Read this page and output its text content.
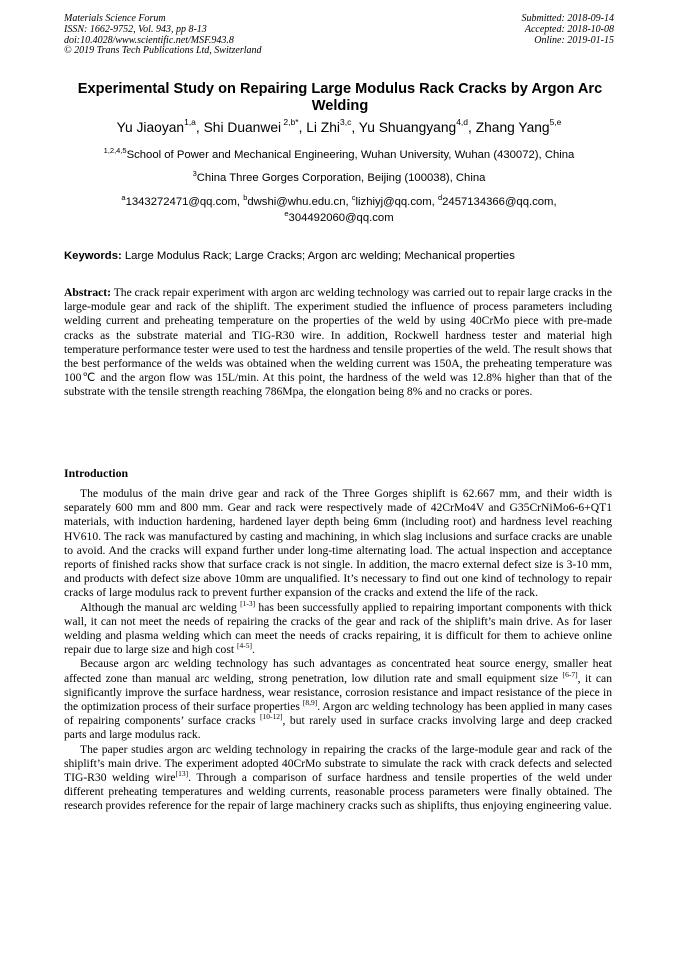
Materials Science Forum
ISSN: 1662-9752, Vol. 943, pp 8-13
doi:10.4028/www.scientific.net/MSF.943.8
© 2019 Trans Tech Publications Ltd, Switzerland
Submitted: 2018-09-14
Accepted: 2018-10-08
Online: 2019-01-15
Experimental Study on Repairing Large Modulus Rack Cracks by Argon Arc Welding
Yu Jiaoyan$^{1,a}$, Shi Duanwei $^{2,b*}$, Li Zhi$^{3,c}$, Yu Shuangyang$^{4,d}$, Zhang Yang$^{5,e}$
$^{1,2,4,5}$School of Power and Mechanical Engineering, Wuhan University, Wuhan (430072), China
$^3$China Three Gorges Corporation, Beijing (100038), China
$^a$1343272471@qq.com, $^b$dwshi@whu.edu.cn, $^c$lizhiyj@qq.com, $^d$2457134366@qq.com,
$^e$304492060@qq.com
Keywords: Large Modulus Rack; Large Cracks; Argon arc welding; Mechanical properties
Abstract: The crack repair experiment with argon arc welding technology was carried out to repair large cracks in the large-module gear and rack of the shiplift. The experiment studied the influence of process parameters including welding current and preheating temperature on the properties of the weld by using 40CrMo piece with pre-made cracks as the substrate material and TIG-R30 wire. In addition, Rockwell hardness tester and material high temperature performance tester were used to test the hardness and tensile properties of the weld. The result shows that the best performance of the welds was obtained when the welding current was 150A, the preheating temperature was 100℃ and the argon flow was 15L/min. At this point, the hardness of the weld was 12.8% higher than that of the substrate with the tensile strength reaching 786Mpa, the elongation being 8% and no cracks or pores.
Introduction

The modulus of the main drive gear and rack of the Three Gorges shiplift is 62.667 mm, and their width is separately 600 mm and 800 mm. Gear and rack were respectively made of 42CrMo4V and G35CrNiMo6-6+QT1 materials, with induction hardening, hardened layer depth being 6mm (including root) and hardness level reaching HV610. The rack was manufactured by casting and machining, in which slag inclusions and surface cracks are unable to avoid. And the cracks will expand further under long-time alternating load. The actual inspection and acceptance reports of finished racks show that surface crack is not single. In addition, the macro external defect size is 3-10 mm, and products with defect size above 10mm are unqualified. It’s necessary to find out one kind of technology to repair cracks of large modulus rack to prevent further expansion of the cracks and extend the life of the rack.

Although the manual arc welding [1-3] has been successfully applied to repairing important components with thick wall, it can not meet the needs of repairing the cracks of the gear and rack of the shiplift’s main drive. As for laser welding and plasma welding which can meet the needs of cracks repairing, it is difficult for them to achieve online repair due to large size and high cost [4-5].

Because argon arc welding technology has such advantages as concentrated heat source energy, smaller heat affected zone than manual arc welding, strong penetration, low dilution rate and small equipment size [6-7], it can significantly improve the surface hardness, wear resistance, corrosion resistance and impact resistance of the piece in the optimization process of their surface properties [8,9]. Argon arc welding technology has been applied in many cases of repairing components’ surface cracks [10-12], but rarely used in surface cracks involving large and deep cracked parts and large modulus rack.

The paper studies argon arc welding technology in repairing the cracks of the large-module gear and rack of the shiplift’s main drive. The experiment adopted 40CrMo substrate to simulate the rack with crack defects and selected TIG-R30 welding wire[13]. Through a comparison of surface hardness and tensile properties of the weld under different preheating temperatures and welding currents, reasonable process parameters were finally obtained. The research provides reference for the repair of large machinery cracks such as shiplifts, thus enjoying engineering value.
